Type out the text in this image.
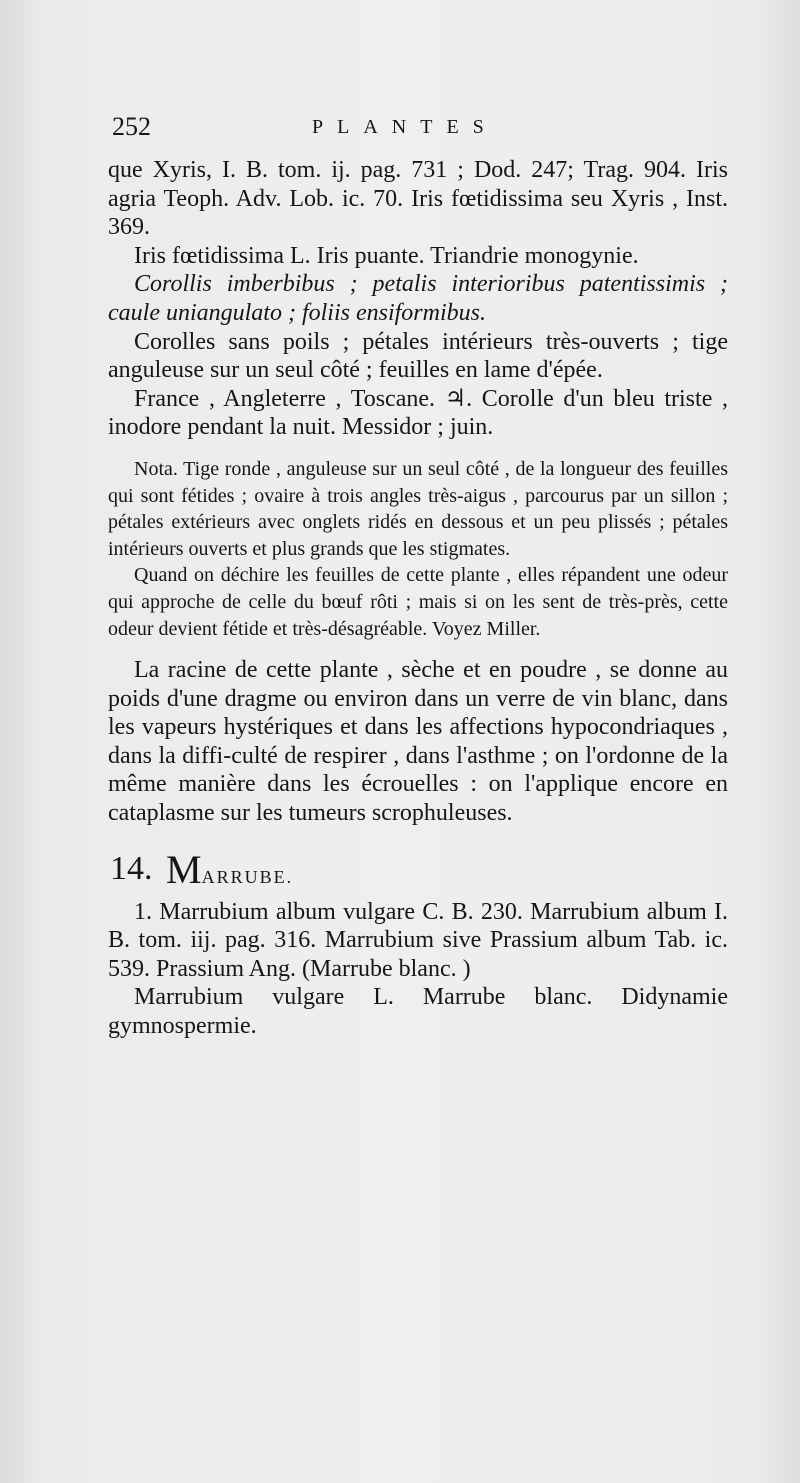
252	PLANTES

que Xyris, I. B. tom. ij. pag. 731 ; Dod. 247; Trag. 904. Iris agria Teoph. Adv. Lob. ic. 70. Iris fœtidissima seu Xyris , Inst. 369.

Iris fœtidissima L. Iris puante. Triandrie monogynie.

Corollis imberbibus ; petalis interioribus patentissimis ; caule uniangulato ; foliis ensiformibus.

Corolles sans poils ; pétales intérieurs très-ouverts ; tige anguleuse sur un seul côté ; feuilles en lame d'épée.

France , Angleterre , Toscane. ♃. Corolle d'un bleu triste , inodore pendant la nuit. Messidor ; juin.

Nota. Tige ronde , anguleuse sur un seul côté , de la longueur des feuilles qui sont fétides ; ovaire à trois angles très-aigus , parcourus par un sillon ; pétales extérieurs avec onglets ridés en dessous et un peu plissés ; pétales intérieurs ouverts et plus grands que les stigmates.

Quand on déchire les feuilles de cette plante , elles répandent une odeur qui approche de celle du bœuf rôti ; mais si on les sent de très-près, cette odeur devient fétide et très-désagréable. Voyez Miller.

La racine de cette plante , sèche et en poudre , se donne au poids d'une dragme ou environ dans un verre de vin blanc, dans les vapeurs hystériques et dans les affections hypocondriaques , dans la diffi-culté de respirer , dans l'asthme ; on l'ordonne de la même manière dans les écrouelles : on l'applique encore en cataplasme sur les tumeurs scrophuleuses.

14. MARRUBE.

1. Marrubium album vulgare C. B. 230. Marrubium album I. B. tom. iij. pag. 316. Marrubium sive Prassium album Tab. ic. 539. Prassium Ang. (Marrube blanc. )

Marrubium vulgare L. Marrube blanc. Didynamie gymnospermie.
